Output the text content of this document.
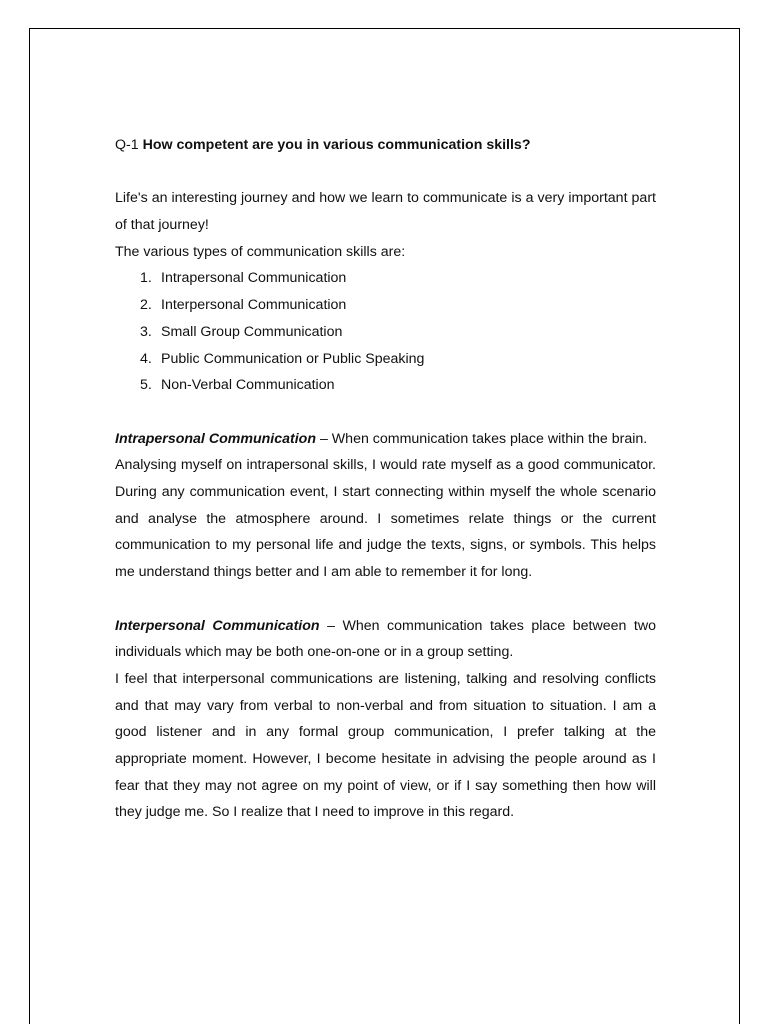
Q-1 How competent are you in various communication skills?

Life's an interesting journey and how we learn to communicate is a very important part of that journey!

The various types of communication skills are:

1. Intrapersonal Communication
2. Interpersonal Communication
3. Small Group Communication
4. Public Communication or Public Speaking
5. Non-Verbal Communication

Intrapersonal Communication – When communication takes place within the brain.

Analysing myself on intrapersonal skills, I would rate myself as a good communicator. During any communication event, I start connecting within myself the whole scenario and analyse the atmosphere around. I sometimes relate things or the current communication to my personal life and judge the texts, signs, or symbols. This helps me understand things better and I am able to remember it for long.

Interpersonal Communication – When communication takes place between two individuals which may be both one-on-one or in a group setting.

I feel that interpersonal communications are listening, talking and resolving conflicts and that may vary from verbal to non-verbal and from situation to situation. I am a good listener and in any formal group communication, I prefer talking at the appropriate moment. However, I become hesitate in advising the people around as I fear that they may not agree on my point of view, or if I say something then how will they judge me. So I realize that I need to improve in this regard.
